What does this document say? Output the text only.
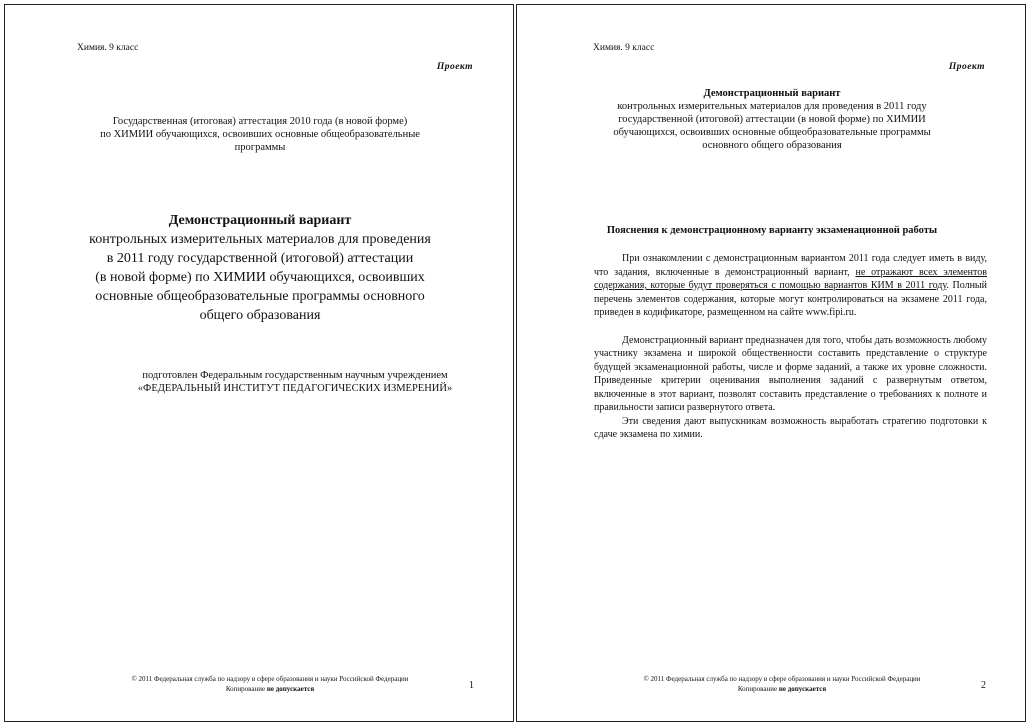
Химия. 9 класс
Проект
Государственная (итоговая) аттестация 2010 года (в новой форме)
по ХИМИИ обучающихся, освоивших основные общеобразовательные
программы
Демонстрационный вариант
контрольных измерительных материалов для проведения
в 2011 году государственной (итоговой) аттестации
(в новой форме) по ХИМИИ обучающихся, освоивших
основные общеобразовательные программы основного
общего образования
подготовлен Федеральным государственным научным учреждением
«ФЕДЕРАЛЬНЫЙ ИНСТИТУТ ПЕДАГОГИЧЕСКИХ ИЗМЕРЕНИЙ»
© 2011 Федеральная служба по надзору в сфере образования и науки Российской Федерации
Копирование не допускается	1
Химия. 9 класс
Проект
Демонстрационный вариант
контрольных измерительных материалов для проведения в 2011 году
государственной (итоговой) аттестации (в новой форме) по ХИМИИ
обучающихся, освоивших основные общеобразовательные программы
основного общего образования
Пояснения к демонстрационному варианту экзаменационной работы

При ознакомлении с демонстрационным вариантом 2011 года следует иметь в виду, что задания, включенные в демонстрационный вариант, не отражают всех элементов содержания, которые будут проверяться с помощью вариантов КИМ в 2011 году. Полный перечень элементов содержания, которые могут контролироваться на экзамене 2011 года, приведен в кодификаторе, размещенном на сайте www.fipi.ru.

Демонстрационный вариант предназначен для того, чтобы дать возможность любому участнику экзамена и широкой общественности составить представление о структуре будущей экзаменационной работы, числе и форме заданий, а также их уровне сложности. Приведенные критерии оценивания выполнения заданий с развернутым ответом, включенные в этот вариант, позволят составить представление о требованиях к полноте и правильности записи развернутого ответа.

Эти сведения дают выпускникам возможность выработать стратегию подготовки к сдаче экзамена по химии.

© 2011 Федеральная служба по надзору в сфере образования и науки Российской Федерации
Копирование не допускается	2
